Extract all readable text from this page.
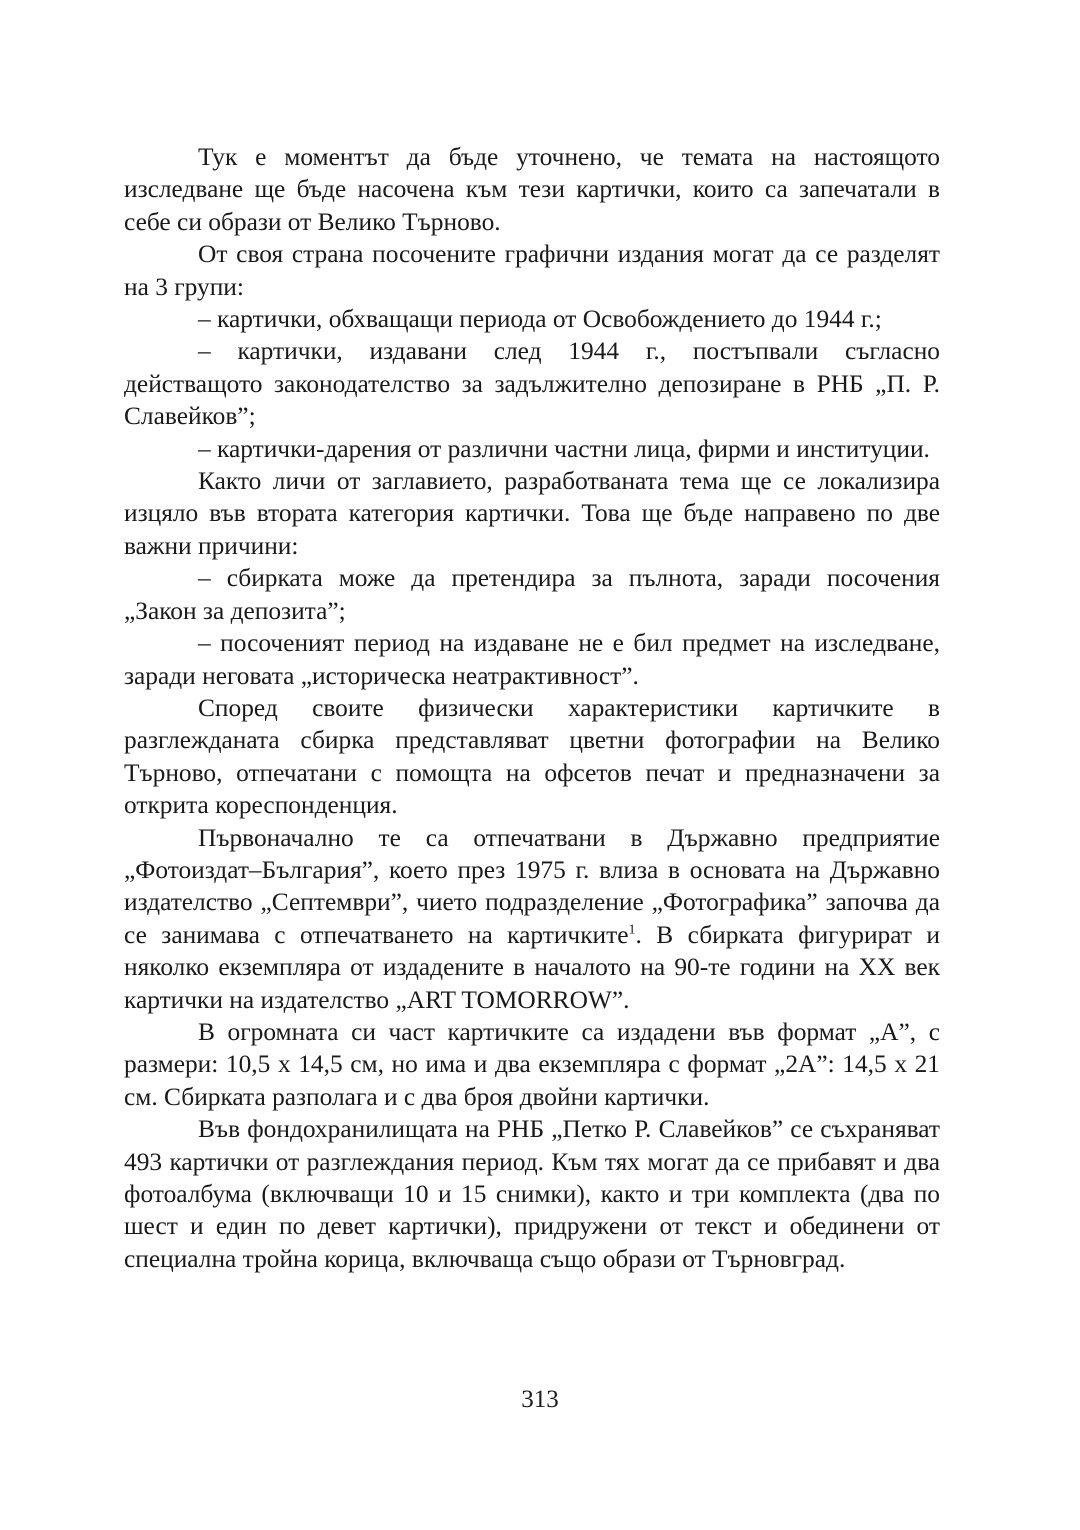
Тук е моментът да бъде уточнено, че темата на настоящото изследване ще бъде насочена към тези картички, които са запечатали в себе си образи от Велико Търново.

От своя страна посочените графични издания могат да се разделят на 3 групи:

– картички, обхващащи периода от Освобождението до 1944 г.;

– картички, издавани след 1944 г., постъпвали съгласно действащото законодателство за задължително депозиране в РНБ „П. Р. Славейков”;

– картички-дарения от различни частни лица, фирми и институции.

Както личи от заглавието, разработваната тема ще се локализира изцяло във втората категория картички. Това ще бъде направено по две важни причини:

– сбирката може да претендира за пълнота, заради посочения „Закон за депозита”;

– посоченият период на издаване не е бил предмет на изследване, заради неговата „историческа неатрактивност”.

Според своите физически характеристики картичките в разглежданата сбирка представляват цветни фотографии на Велико Търново, отпечатани с помощта на офсетов печат и предназначени за открита кореспонденция.

Първоначално те са отпечатвани в Държавно предприятие „Фотоиздат–България”, което през 1975 г. влиза в основата на Държавно издателство „Септември”, чието подразделение „Фотографика” започва да се занимава с отпечатването на картичките$^1$. В сбирката фигурират и няколко екземпляра от издадените в началото на 90-те години на ХХ век картички на издателство „ART TOMORROW”.

В огромната си част картичките са издадени във формат „А”, с размери: 10,5 х 14,5 см, но има и два екземпляра с формат „2А”: 14,5 х 21 см. Сбирката разполага и с два броя двойни картички.

Във фондохранилищата на РНБ „Петко Р. Славейков” се съхраняват 493 картички от разглеждания период. Към тях могат да се прибавят и два фотоалбума (включващи 10 и 15 снимки), както и три комплекта (два по шест и един по девет картички), придружени от текст и обединени от специална тройна корица, включваща също образи от Търновград.

313
